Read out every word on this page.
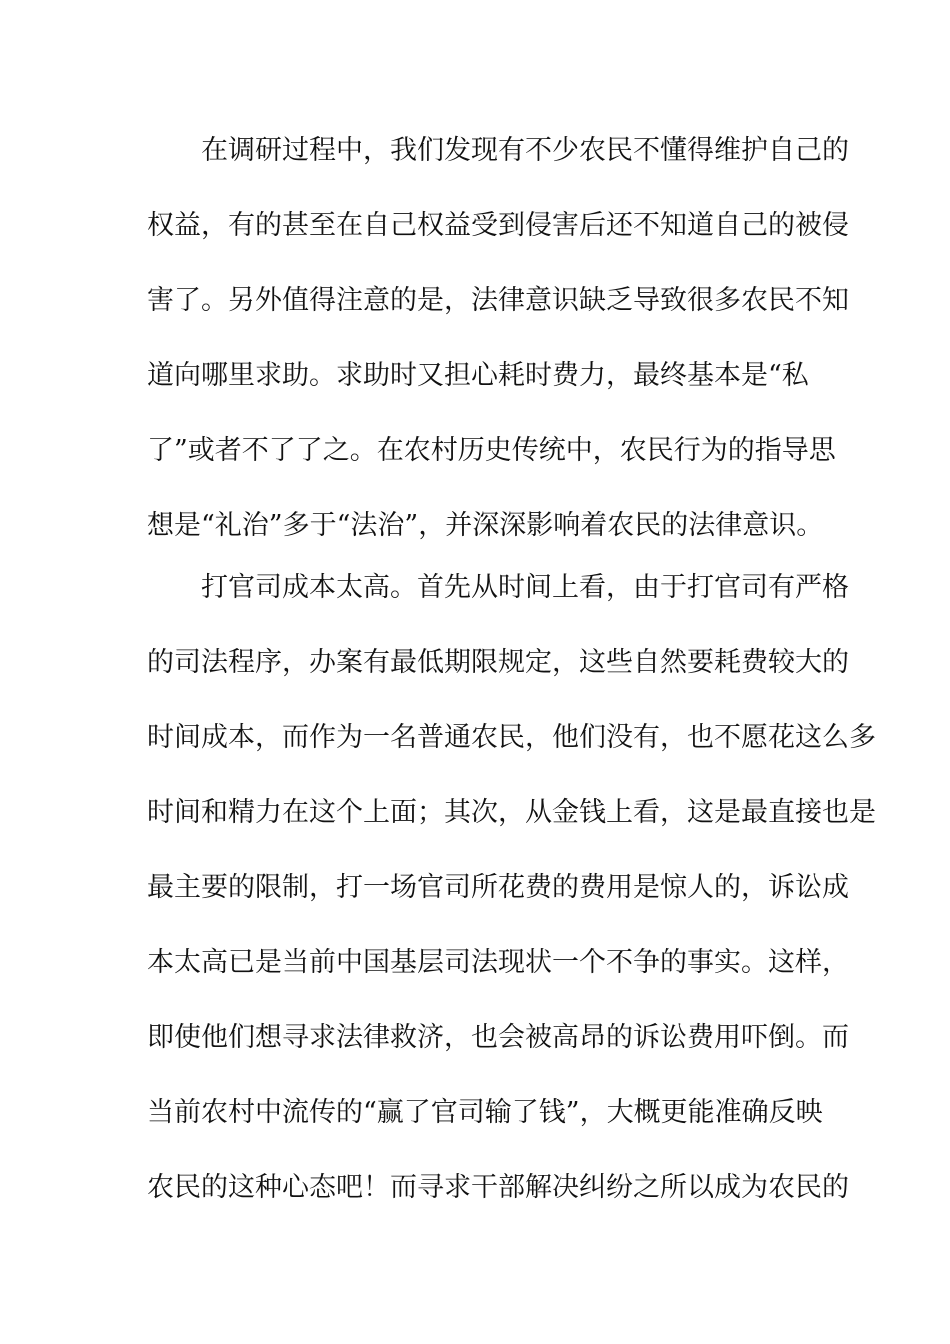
在调研过程中，我们发现有不少农民不懂得维护自己的
权益，有的甚至在自己权益受到侵害后还不知道自己的被侵
害了。另外值得注意的是，法律意识缺乏导致很多农民不知
道向哪里求助。求助时又担心耗时费力，最终基本是“私
了”或者不了了之。在农村历史传统中，农民行为的指导思
想是“礼治”多于“法治”，并深深影响着农民的法律意识。
打官司成本太高。首先从时间上看，由于打官司有严格
的司法程序，办案有最低期限规定，这些自然要耗费较大的
时间成本，而作为一名普通农民，他们没有，也不愿花这么多
时间和精力在这个上面；其次，从金钱上看，这是最直接也是
最主要的限制，打一场官司所花费的费用是惊人的，诉讼成
本太高已是当前中国基层司法现状一个不争的事实。这样，
即使他们想寻求法律救济，也会被高昂的诉讼费用吓倒。而
当前农村中流传的“赢了官司输了钱”，大概更能准确反映
农民的这种心态吧！而寻求干部解决纠纷之所以成为农民的
